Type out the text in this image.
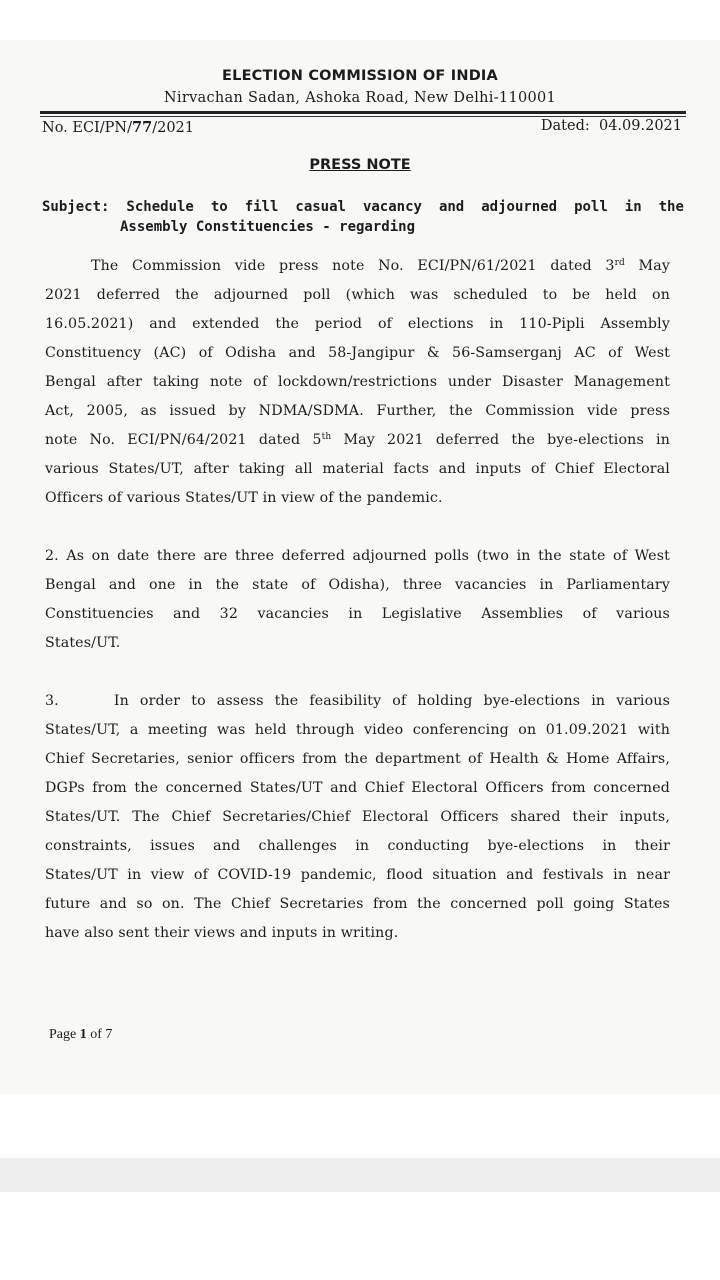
ELECTION COMMISSION OF INDIA
Nirvachan Sadan, Ashoka Road, New Delhi-110001
No. ECI/PN/77/2021	Dated:  04.09.2021
PRESS NOTE
Subject: Schedule to fill casual vacancy and adjourned poll in the
Assembly Constituencies - regarding
The Commission vide press note No. ECI/PN/61/2021 dated 3rd May
2021 deferred the adjourned poll (which was scheduled to be held on
16.05.2021) and extended the period of elections in 110-Pipli Assembly
Constituency (AC) of Odisha and 58-Jangipur & 56-Samserganj AC of West
Bengal after taking note of lockdown/restrictions under Disaster Management
Act, 2005, as issued by NDMA/SDMA. Further, the Commission vide press
note No. ECI/PN/64/2021 dated 5th May 2021 deferred the bye-elections in
various States/UT, after taking all material facts and inputs of Chief Electoral
Officers of various States/UT in view of the pandemic.
2. As on date there are three deferred adjourned polls (two in the state of West
Bengal and one in the state of Odisha), three vacancies in Parliamentary
Constituencies and 32 vacancies in Legislative Assemblies of various
States/UT.
3.     In order to assess the feasibility of holding bye-elections in various
States/UT, a meeting was held through video conferencing on 01.09.2021 with
Chief Secretaries, senior officers from the department of Health & Home Affairs,
DGPs from the concerned States/UT and Chief Electoral Officers from concerned
States/UT. The Chief Secretaries/Chief Electoral Officers shared their inputs,
constraints, issues and challenges in conducting bye-elections in their
States/UT in view of COVID-19 pandemic, flood situation and festivals in near
future and so on. The Chief Secretaries from the concerned poll going States
have also sent their views and inputs in writing.
Page 1 of 7
